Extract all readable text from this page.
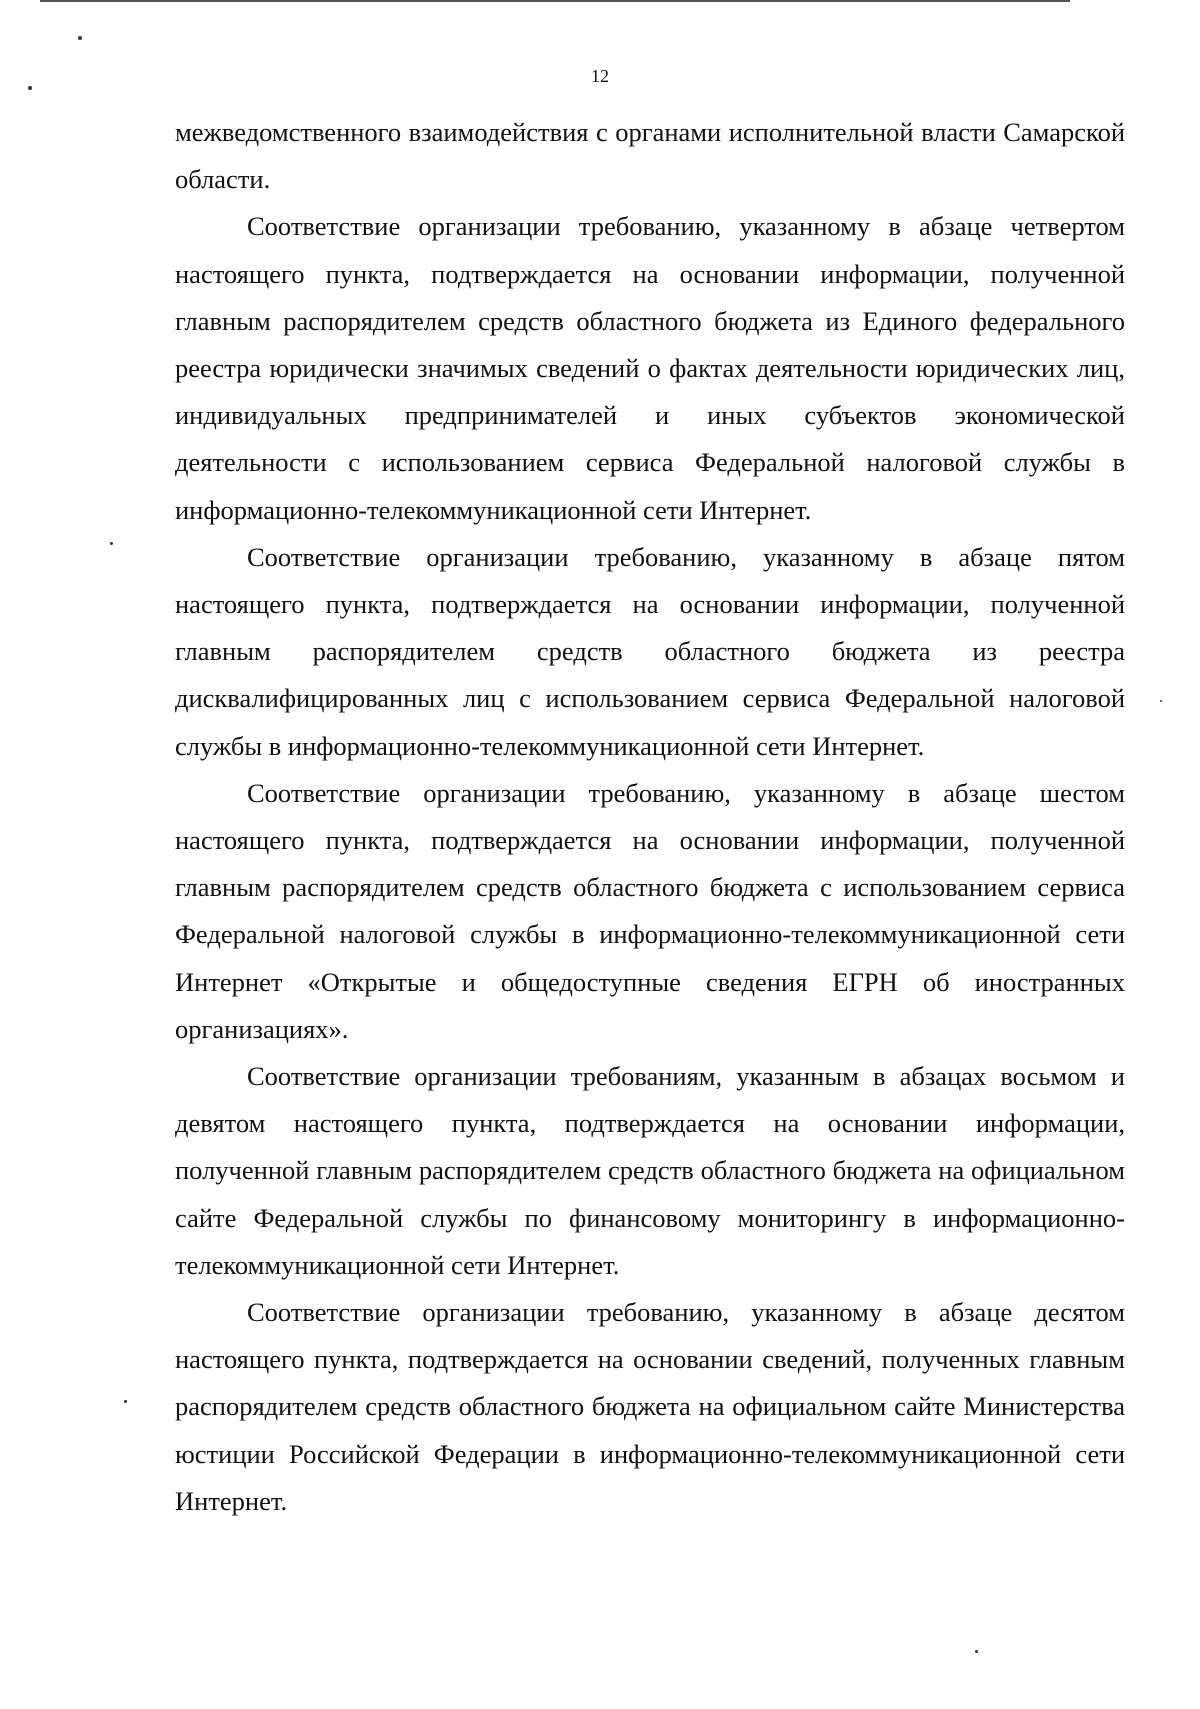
12

межведомственного взаимодействия с органами исполнительной власти Самарской области.

Соответствие организации требованию, указанному в абзаце четвертом настоящего пункта, подтверждается на основании информации, полученной главным распорядителем средств областного бюджета из Единого федерального реестра юридически значимых сведений о фактах деятельности юридических лиц, индивидуальных предпринимателей и иных субъектов экономической деятельности с использованием сервиса Федеральной налоговой службы в информационно-телекоммуникационной сети Интернет.

Соответствие организации требованию, указанному в абзаце пятом настоящего пункта, подтверждается на основании информации, полученной главным распорядителем средств областного бюджета из реестра дисквалифицированных лиц с использованием сервиса Федеральной налоговой службы в информационно-телекоммуникационной сети Интернет.

Соответствие организации требованию, указанному в абзаце шестом настоящего пункта, подтверждается на основании информации, полученной главным распорядителем средств областного бюджета с использованием сервиса Федеральной налоговой службы в информационно-телекоммуникационной сети Интернет «Открытые и общедоступные сведения ЕГРН об иностранных организациях».

Соответствие организации требованиям, указанным в абзацах восьмом и девятом настоящего пункта, подтверждается на основании информации, полученной главным распорядителем средств областного бюджета на официальном сайте Федеральной службы по финансовому мониторингу в информационно-телекоммуникационной сети Интернет.

Соответствие организации требованию, указанному в абзаце десятом настоящего пункта, подтверждается на основании сведений, полученных главным распорядителем средств областного бюджета на официальном сайте Министерства юстиции Российской Федерации в информационно-телекоммуникационной сети Интернет.
